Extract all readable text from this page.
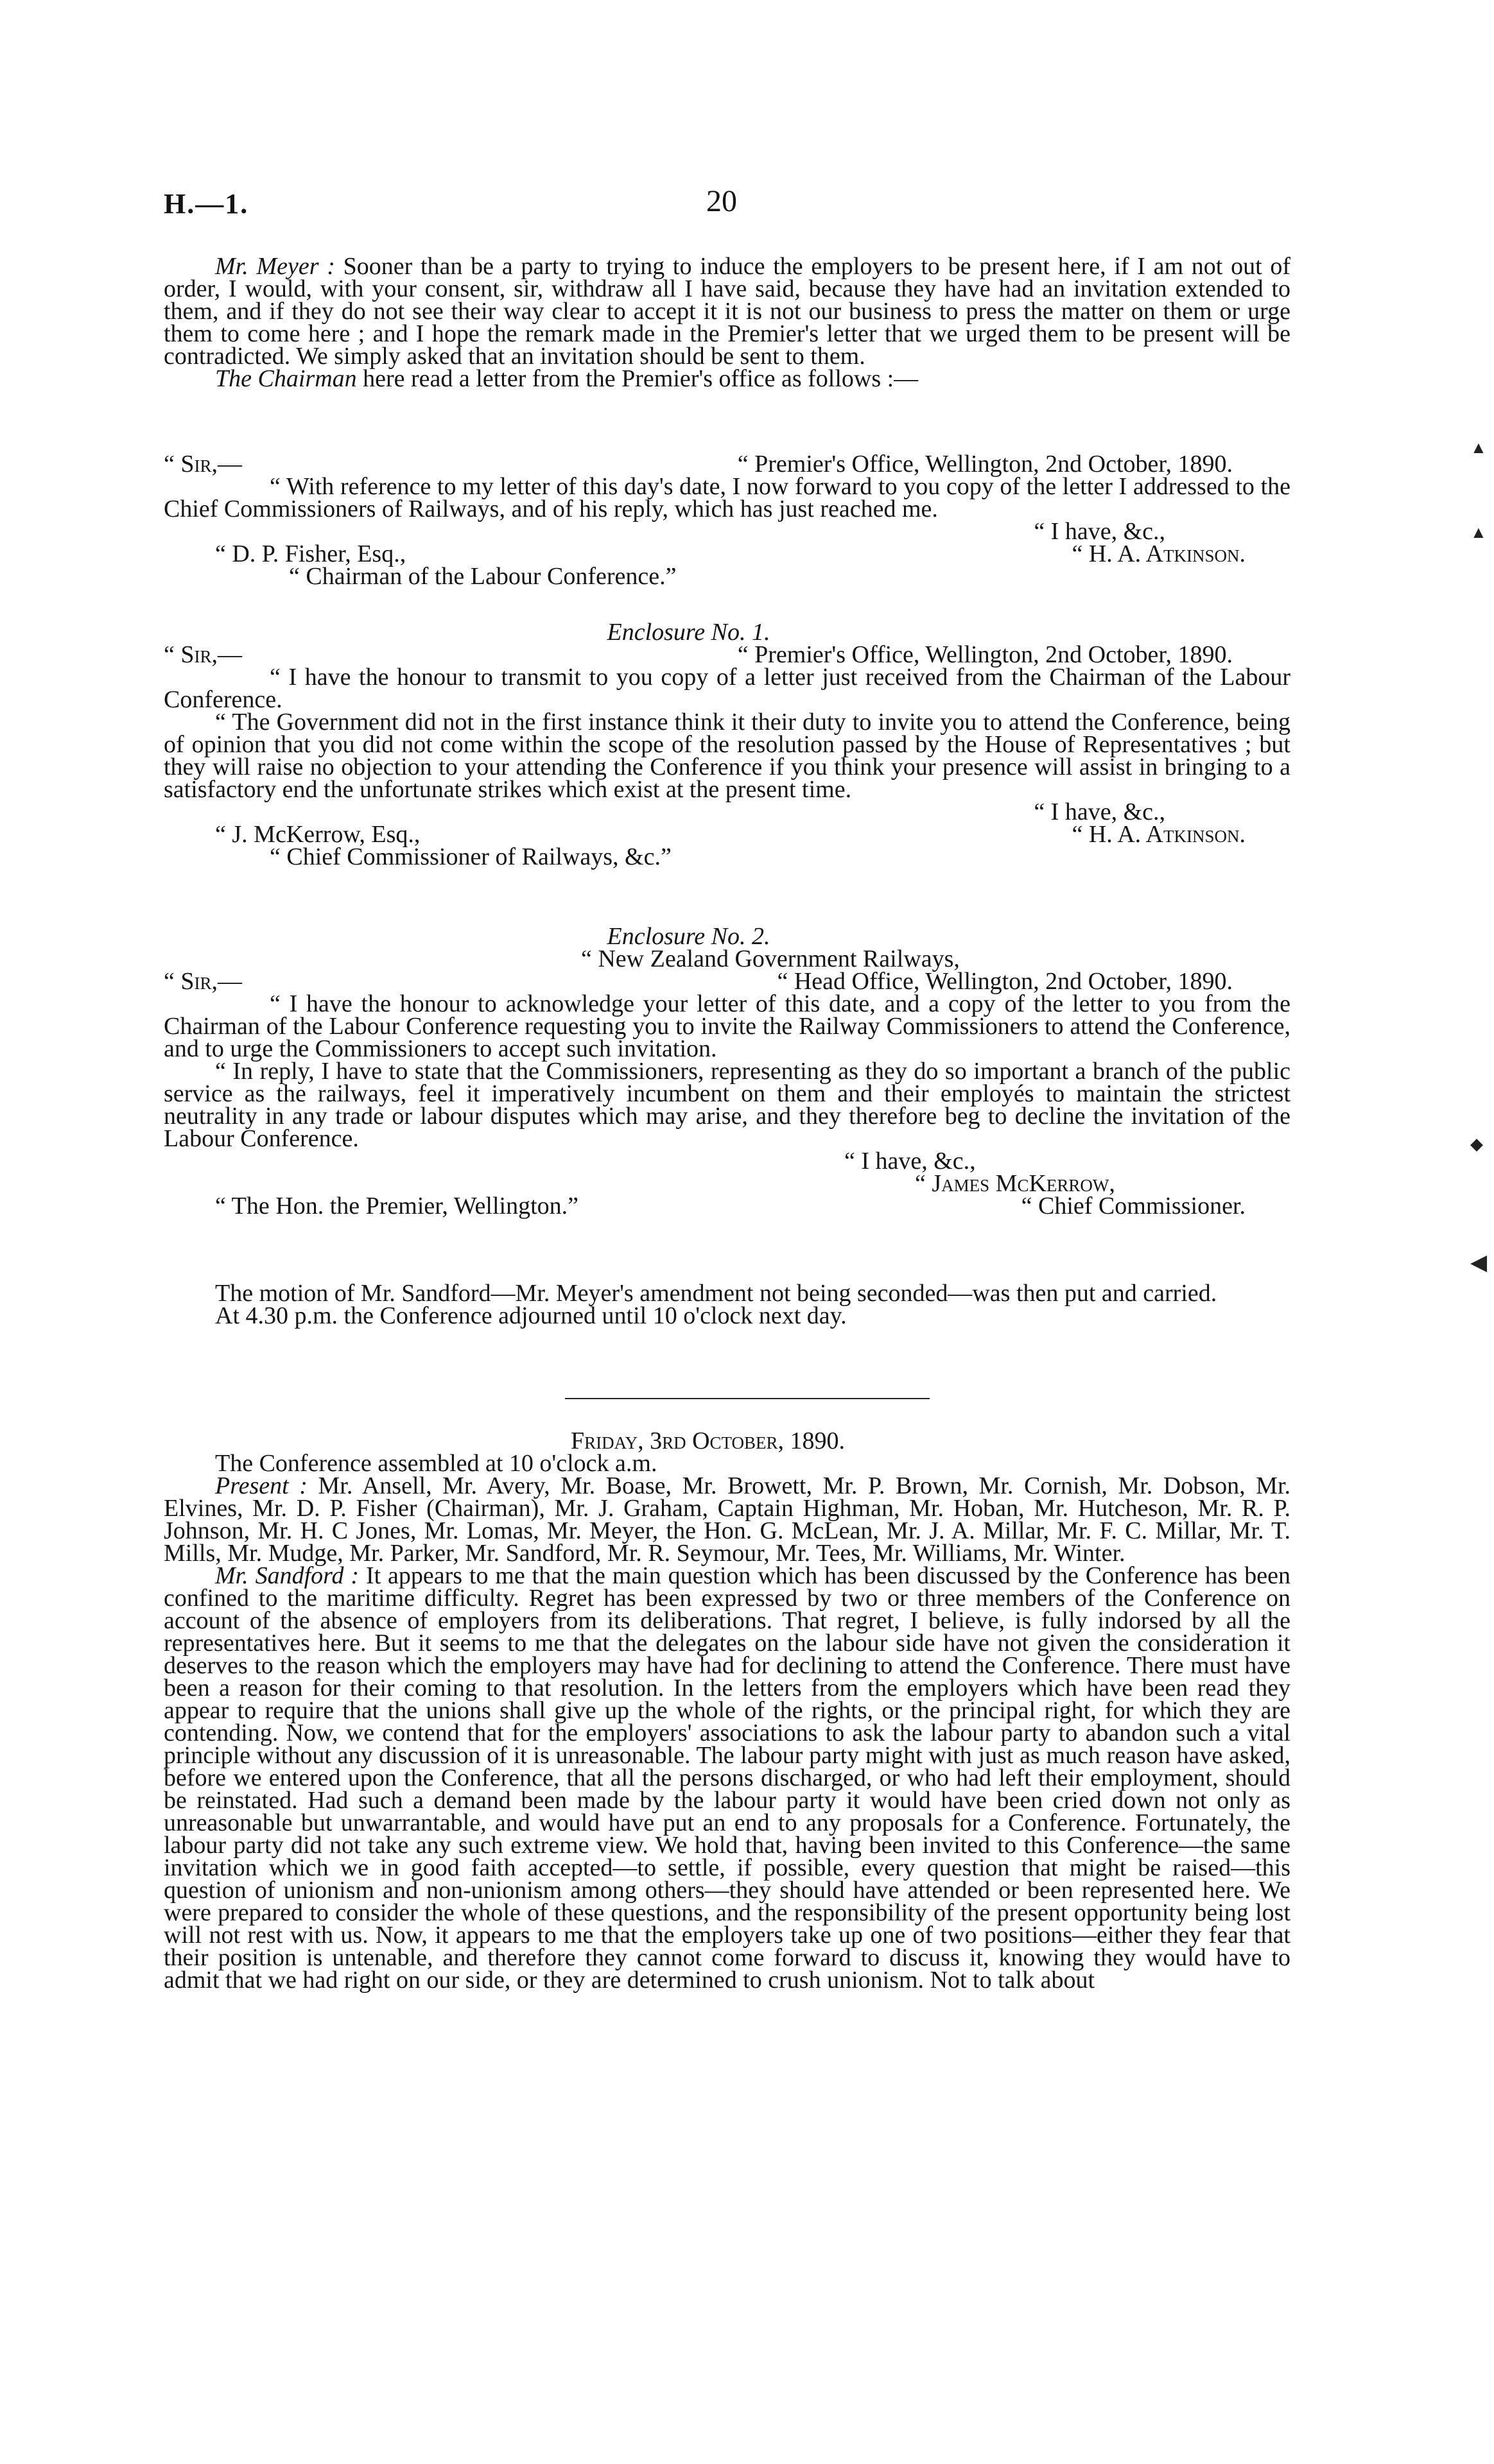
H.—1.	20

Mr. Meyer : Sooner than be a party to trying to induce the employers to be present here, if I am not out of order, I would, with your consent, sir, withdraw all I have said, because they have had an invitation extended to them, and if they do not see their way clear to accept it it is not our business to press the matter on them or urge them to come here ; and I hope the remark made in the Premier's letter that we urged them to be present will be contradicted. We simply asked that an invitation should be sent to them.

The Chairman here read a letter from the Premier's office as follows :—

“ Sir,—	“ Premier's Office, Wellington, 2nd October, 1890.

“ With reference to my letter of this day's date, I now forward to you copy of the letter I addressed to the Chief Commissioners of Railways, and of his reply, which has just reached me.

“ I have, &c.,
“ D. P. Fisher, Esq.,	“ H. A. Atkinson.
“ Chairman of the Labour Conference.”
Enclosure No. 1.
“ Sir,—	“ Premier's Office, Wellington, 2nd October, 1890.

“ I have the honour to transmit to you copy of a letter just received from the Chairman of the Labour Conference.

“ The Government did not in the first instance think it their duty to invite you to attend the Conference, being of opinion that you did not come within the scope of the resolution passed by the House of Representatives ; but they will raise no objection to your attending the Conference if you think your presence will assist in bringing to a satisfactory end the unfortunate strikes which exist at the present time.

“ I have, &c.,
“ J. McKerrow, Esq.,	“ H. A. Atkinson.
“ Chief Commissioner of Railways, &c.”
Enclosure No. 2.
“ New Zealand Government Railways,
“ Sir,—	“ Head Office, Wellington, 2nd October, 1890.

“ I have the honour to acknowledge your letter of this date, and a copy of the letter to you from the Chairman of the Labour Conference requesting you to invite the Railway Commissioners to attend the Conference, and to urge the Commissioners to accept such invitation.

“ In reply, I have to state that the Commissioners, representing as they do so important a branch of the public service as the railways, feel it imperatively incumbent on them and their employés to maintain the strictest neutrality in any trade or labour disputes which may arise, and they therefore beg to decline the invitation of the Labour Conference.

“ I have, &c.,
“ James McKerrow,
“ The Hon. the Premier, Wellington.”	“ Chief Commissioner.

The motion of Mr. Sandford—Mr. Meyer's amendment not being seconded—was then put and carried.

At 4.30 p.m. the Conference adjourned until 10 o'clock next day.

Friday, 3rd October, 1890.

The Conference assembled at 10 o'clock a.m.

Present : Mr. Ansell, Mr. Avery, Mr. Boase, Mr. Browett, Mr. P. Brown, Mr. Cornish, Mr. Dobson, Mr. Elvines, Mr. D. P. Fisher (Chairman), Mr. J. Graham, Captain Highman, Mr. Hoban, Mr. Hutcheson, Mr. R. P. Johnson, Mr. H. C Jones, Mr. Lomas, Mr. Meyer, the Hon. G. McLean, Mr. J. A. Millar, Mr. F. C. Millar, Mr. T. Mills, Mr. Mudge, Mr. Parker, Mr. Sandford, Mr. R. Seymour, Mr. Tees, Mr. Williams, Mr. Winter.

Mr. Sandford : It appears to me that the main question which has been discussed by the Conference has been confined to the maritime difficulty. Regret has been expressed by two or three members of the Conference on account of the absence of employers from its deliberations. That regret, I believe, is fully indorsed by all the representatives here. But it seems to me that the delegates on the labour side have not given the consideration it deserves to the reason which the employers may have had for declining to attend the Conference. There must have been a reason for their coming to that resolution. In the letters from the employers which have been read they appear to require that the unions shall give up the whole of the rights, or the principal right, for which they are contending. Now, we contend that for the employers' associations to ask the labour party to abandon such a vital principle without any discussion of it is unreasonable. The labour party might with just as much reason have asked, before we entered upon the Conference, that all the persons discharged, or who had left their employment, should be reinstated. Had such a demand been made by the labour party it would have been cried down not only as unreasonable but unwarrantable, and would have put an end to any proposals for a Conference. Fortunately, the labour party did not take any such extreme view. We hold that, having been invited to this Conference—the same invitation which we in good faith accepted—to settle, if possible, every question that might be raised—this question of unionism and non-unionism among others—they should have attended or been represented here. We were prepared to consider the whole of these questions, and the responsibility of the present opportunity being lost will not rest with us. Now, it appears to me that the employers take up one of two positions—either they fear that their position is untenable, and therefore they cannot come forward to discuss it, knowing they would have to admit that we had right on our side, or they are determined to crush unionism. Not to talk about

▲
▲
◆
◀
